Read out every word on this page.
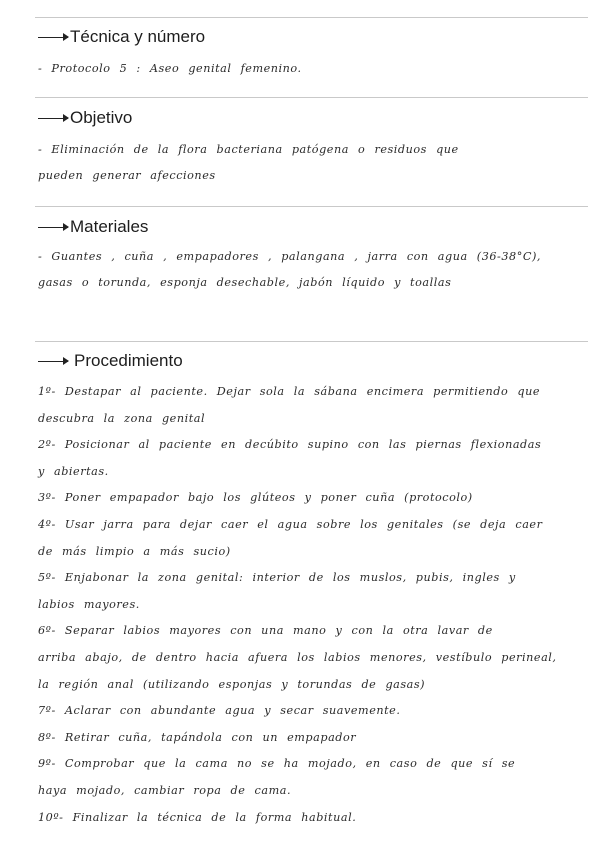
Técnica y número
- Protocolo 5 : Aseo genital femenino.
Objetivo
- Eliminación de la flora bacteriana patógena o residuos que
pueden generar afecciones
Materiales
- Guantes , cuña , empapadores , palangana , jarra con agua (36-38°C),
gasas o torunda, esponja desechable, jabón líquido y toallas
Procedimiento
1º- Destapar al paciente. Dejar sola la sábana encimera permitiendo que
descubra la zona genital
2º- Posicionar al paciente en decúbito supino con las piernas flexionadas
y abiertas.
3º- Poner empapador bajo los glúteos y poner cuña (protocolo)
4º- Usar jarra para dejar caer el agua sobre los genitales (se deja caer
de más limpio a más sucio)
5º- Enjabonar la zona genital: interior de los muslos, pubis, ingles y
labios mayores.
6º- Separar labios mayores con una mano y con la otra lavar de
arriba abajo, de dentro hacia afuera los labios menores, vestíbulo perineal,
la región anal (utilizando esponjas y torundas de gasas)
7º- Aclarar con abundante agua y secar suavemente.
8º- Retirar cuña, tapándola con un empapador
9º- Comprobar que la cama no se ha mojado, en caso de que sí se
haya mojado, cambiar ropa de cama.
10º- Finalizar la técnica de la forma habitual.
